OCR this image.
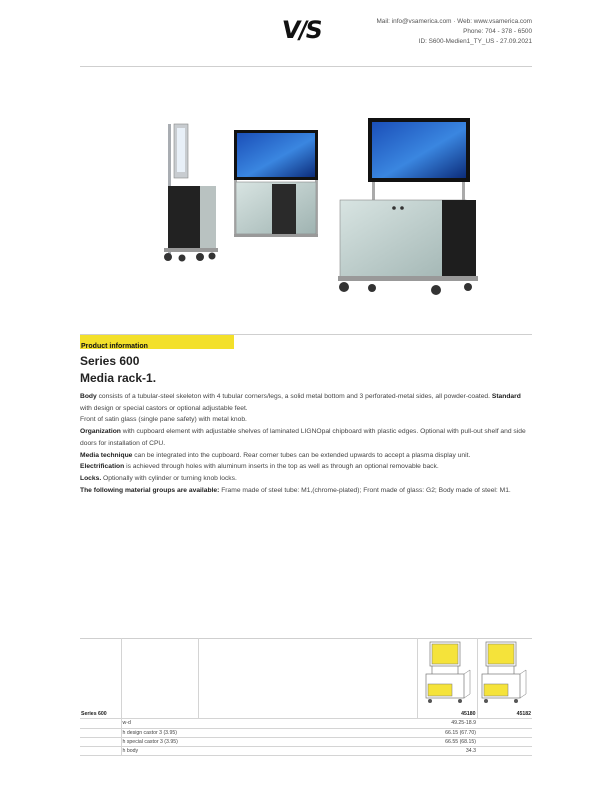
V/S	Mail: info@vsamerica.com · Web: www.vsamerica.com
Phone: 704 - 378 - 6500
ID: S600-Medien1_TY_US - 27.09.2021
Product information
Series 600
Media rack-1.

Body consists of a tubular-steel skeleton with 4 tubular corners/legs, a solid metal bottom and 3 perforated-metal sides, all powder-coated. Standard with design or special castors or optional adjustable feet.

Front of satin glass (single pane safety) with metal knob.

Organization with cupboard element with adjustable shelves of laminated LIGNOpal chipboard with plastic edges. Optional with pull-out shelf and side doors for installation of CPU.

Media technique can be integrated into the cupboard. Rear corner tubes can be extended upwards to accept a plasma display unit.

Electrification is achieved through holes with aluminum inserts in the top as well as through an optional removable back.

Locks. Optionally with cylinder or turning knob locks.

The following material groups are available: Frame made of steel tube: M1,(chrome-plated); Front made of glass: G2; Body made of steel: M1.

Series 600			45180	45182
	w-d		49.25-18.9	
	h design castor 3 (3.95)		66.15 (67.70)	
	h special castor 3 (3.95)		66.55 (68.15)	
	h body		34.3	
